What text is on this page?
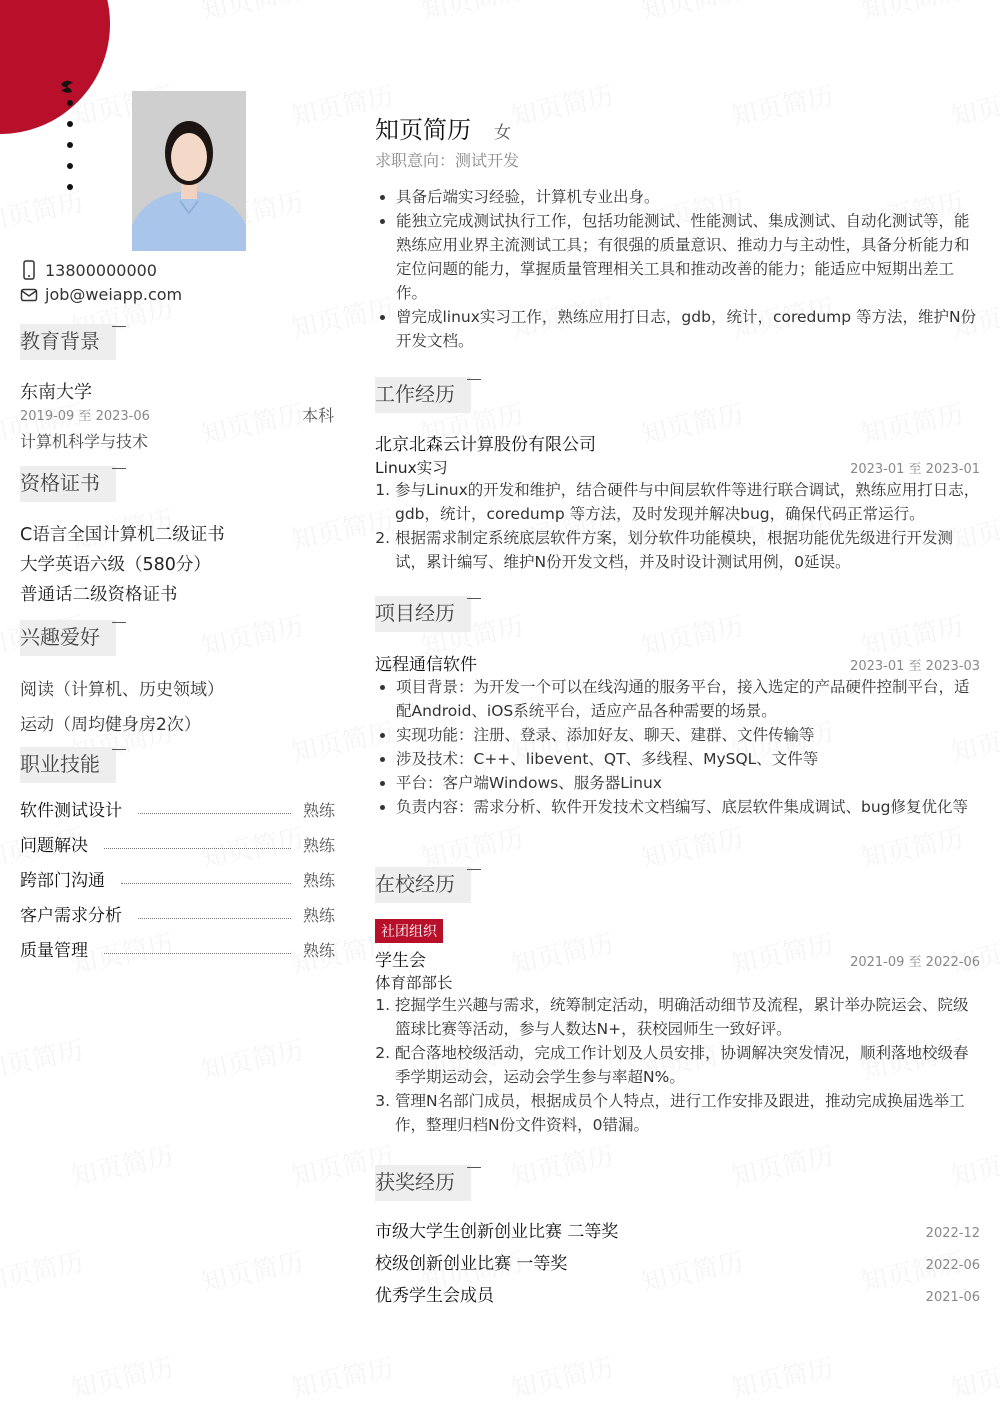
13800000000
job@weiapp.com
教育背景
东南大学
2019-09 至 2023-06	本科
计算机科学与技术
资格证书
C语言全国计算机二级证书
大学英语六级（580分）
普通话二级资格证书
兴趣爱好
阅读（计算机、历史领域）
运动（周均健身房2次）
职业技能
软件测试设计	熟练
问题解决	熟练
跨部门沟通	熟练
客户需求分析	熟练
质量管理	熟练
知页简历 女
求职意向：测试开发
• 具备后端实习经验，计算机专业出身。
• 能独立完成测试执行工作，包括功能测试、性能测试、集成测试、自动化测试等，能熟练应用业界主流测试工具；有很强的质量意识、推动力与主动性，具备分析能力和定位问题的能力，掌握质量管理相关工具和推动改善的能力；能适应中短期出差工作。
• 曾完成linux实习工作，熟练应用打日志，gdb，统计，coredump 等方法，维护N份开发文档。
工作经历
北京北森云计算股份有限公司
Linux实习	2023-01 至 2023-01
1. 参与Linux的开发和维护，结合硬件与中间层软件等进行联合调试，熟练应用打日志，gdb，统计，coredump 等方法，及时发现并解决bug，确保代码正常运行。
2. 根据需求制定系统底层软件方案，划分软件功能模块，根据功能优先级进行开发测试，累计编写、维护N份开发文档，并及时设计测试用例，0延误。
项目经历
远程通信软件	2023-01 至 2023-03
• 项目背景：为开发一个可以在线沟通的服务平台，接入选定的产品硬件控制平台，适配Android、iOS系统平台，适应产品各种需要的场景。
• 实现功能：注册、登录、添加好友、聊天、建群、文件传输等
• 涉及技术：C++、libevent、QT、多线程、MySQL、文件等
• 平台：客户端Windows、服务器Linux
• 负责内容：需求分析、软件开发技术文档编写、底层软件集成调试、bug修复优化等
在校经历
社团组织
学生会	2021-09 至 2022-06
体育部部长
1. 挖掘学生兴趣与需求，统筹制定活动，明确活动细节及流程，累计举办院运会、院级篮球比赛等活动，参与人数达N+，获校园师生一致好评。
2. 配合落地校级活动，完成工作计划及人员安排，协调解决突发情况，顺利落地校级春季学期运动会，运动会学生参与率超N%。
3. 管理N名部门成员，根据成员个人特点，进行工作安排及跟进，推动完成换届选举工作，整理归档N份文件资料，0错漏。
获奖经历
市级大学生创新创业比赛 二等奖	2022-12
校级创新创业比赛 一等奖	2022-06
优秀学生会成员	2021-06
